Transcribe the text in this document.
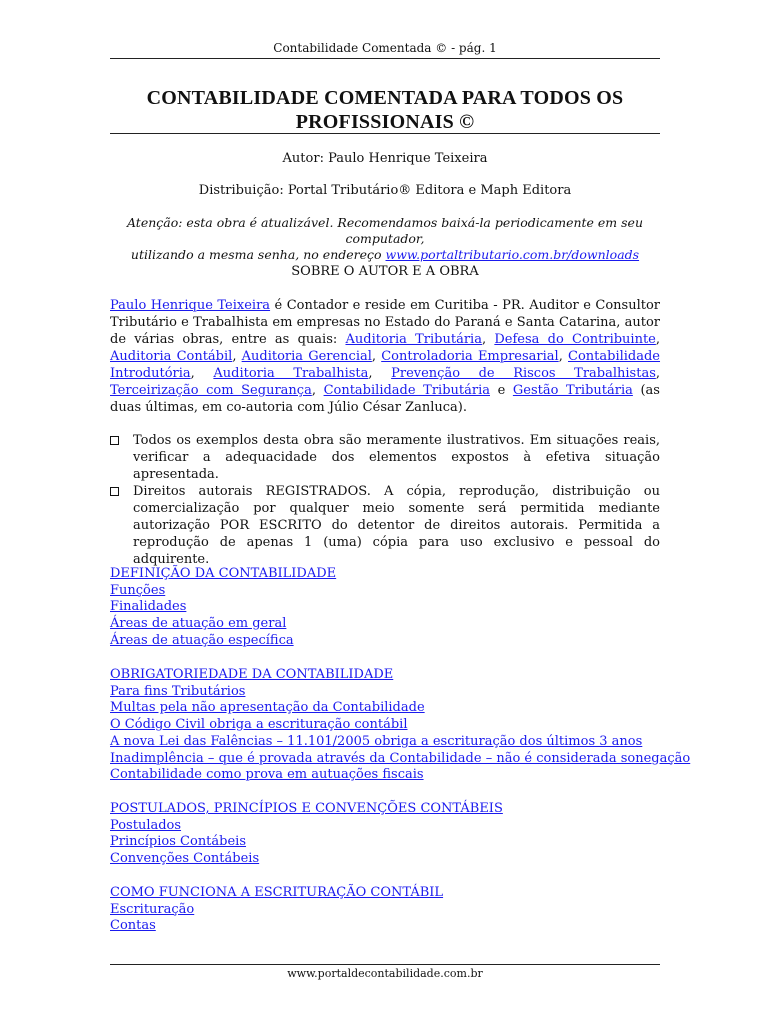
Contabilidade Comentada © - pág. 1
CONTABILIDADE COMENTADA PARA TODOS OS
PROFISSIONAIS ©
Autor: Paulo Henrique Teixeira
Distribuição: Portal Tributário® Editora e Maph Editora
Atenção: esta obra é atualizável. Recomendamos baixá-la periodicamente em seu computador,
utilizando a mesma senha, no endereço www.portaltributario.com.br/downloads
SOBRE O AUTOR E A OBRA
Paulo Henrique Teixeira é Contador e reside em Curitiba - PR. Auditor e Consultor Tributário e Trabalhista em empresas no Estado do Paraná e Santa Catarina, autor de várias obras, entre as quais: Auditoria Tributária, Defesa do Contribuinte, Auditoria Contábil, Auditoria Gerencial, Controladoria Empresarial, Contabilidade Introdutória, Auditoria Trabalhista, Prevenção de Riscos Trabalhistas, Terceirização com Segurança, Contabilidade Tributária e Gestão Tributária (as duas últimas, em co-autoria com Júlio César Zanluca).
Todos os exemplos desta obra são meramente ilustrativos. Em situações reais, verificar a adequacidade dos elementos expostos à efetiva situação apresentada.
Direitos autorais REGISTRADOS. A cópia, reprodução, distribuição ou comercialização por qualquer meio somente será permitida mediante autorização POR ESCRITO do detentor de direitos autorais. Permitida a reprodução de apenas 1 (uma) cópia para uso exclusivo e pessoal do adquirente.
DEFINIÇÃO DA CONTABILIDADE
Funções
Finalidades
Áreas de atuação em geral
Áreas de atuação específica
OBRIGATORIEDADE DA CONTABILIDADE
Para fins Tributários
Multas pela não apresentação da Contabilidade
O Código Civil obriga a escrituração contábil
A nova Lei das Falências – 11.101/2005 obriga a escrituração dos últimos 3 anos
Inadimplência – que é provada através da Contabilidade – não é considerada sonegação
Contabilidade como prova em autuações fiscais
POSTULADOS, PRINCÍPIOS E CONVENÇÕES CONTÁBEIS
Postulados
Princípios Contábeis
Convenções Contábeis
COMO FUNCIONA A ESCRITURAÇÃO CONTÁBIL
Escrituração
Contas
www.portaldecontabilidade.com.br
